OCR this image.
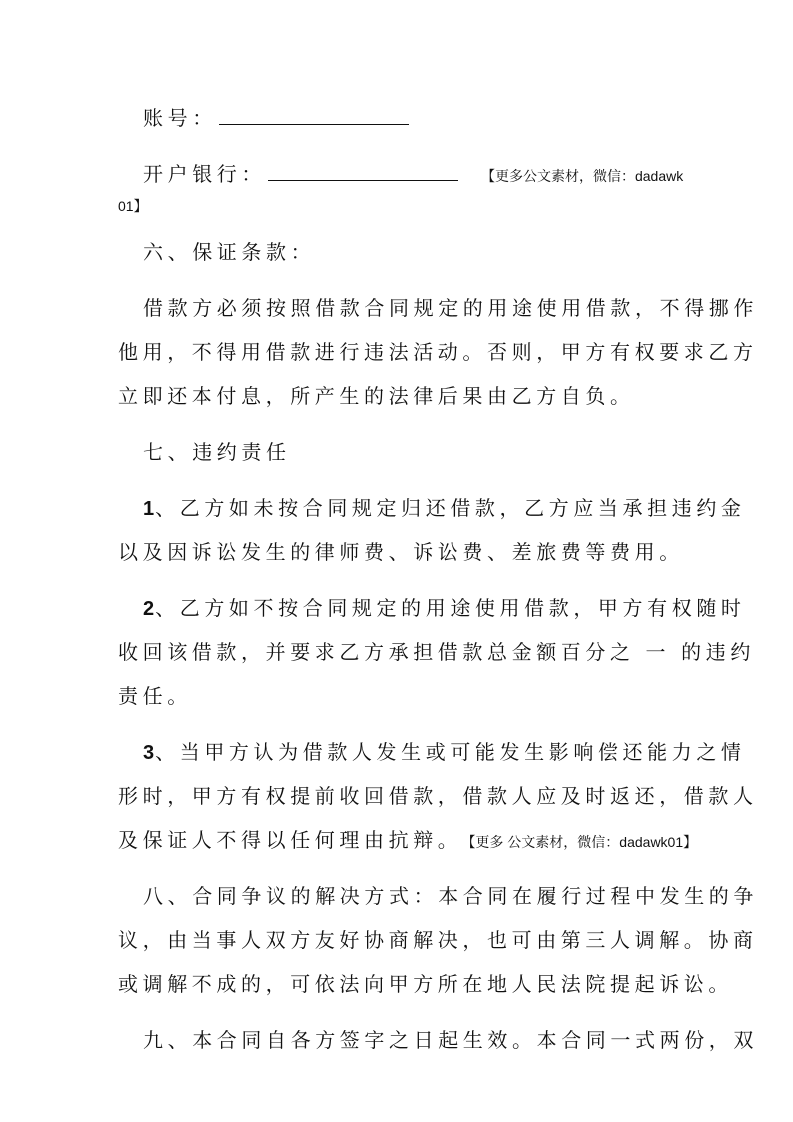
账号：
开户银行：	【更多公文素材，微信：dadawk
01】
六、保证条款：
借款方必须按照借款合同规定的用途使用借款，不得挪作
他用，不得用借款进行违法活动。否则，甲方有权要求乙方
立即还本付息，所产生的法律后果由乙方自负。
七、违约责任
1、乙方如未按合同规定归还借款，乙方应当承担违约金
以及因诉讼发生的律师费、诉讼费、差旅费等费用。
2、乙方如不按合同规定的用途使用借款，甲方有权随时
收回该借款，并要求乙方承担借款总金额百分之 一 的违约
责任。
3、当甲方认为借款人发生或可能发生影响偿还能力之情
形时，甲方有权提前收回借款，借款人应及时返还，借款人
及保证人不得以任何理由抗辩。 【更多 公文素材，微信：dadawk01】
八、合同争议的解决方式：本合同在履行过程中发生的争
议，由当事人双方友好协商解决，也可由第三人调解。协商
或调解不成的，可依法向甲方所在地人民法院提起诉讼。
九、本合同自各方签字之日起生效。本合同一式两份，双
